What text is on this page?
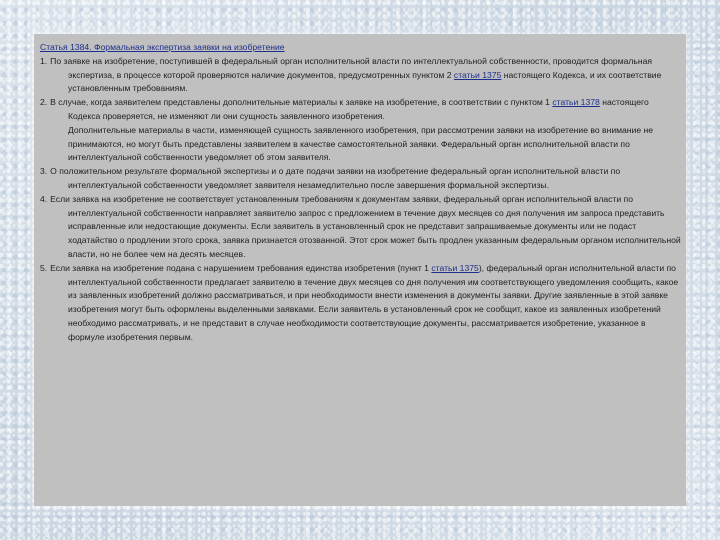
Статья 1384. Формальная экспертиза заявки на изобретение

1. По заявке на изобретение, поступившей в федеральный орган исполнительной власти по интеллектуальной собственности, проводится формальная экспертиза, в процессе которой проверяются наличие документов, предусмотренных пунктом 2 статьи 1375 настоящего Кодекса, и их соответствие установленным требованиям.

2. В случае, когда заявителем представлены дополнительные материалы к заявке на изобретение, в соответствии с пунктом 1 статьи 1378 настоящего Кодекса проверяется, не изменяют ли они сущность заявленного изобретения.

Дополнительные материалы в части, изменяющей сущность заявленного изобретения, при рассмотрении заявки на изобретение во внимание не принимаются, но могут быть представлены заявителем в качестве самостоятельной заявки. Федеральный орган исполнительной власти по интеллектуальной собственности уведомляет об этом заявителя.

3. О положительном результате формальной экспертизы и о дате подачи заявки на изобретение федеральный орган исполнительной власти по интеллектуальной собственности уведомляет заявителя незамедлительно после завершения формальной экспертизы.

4. Если заявка на изобретение не соответствует установленным требованиям к документам заявки, федеральный орган исполнительной власти по интеллектуальной собственности направляет заявителю запрос с предложением в течение двух месяцев со дня получения им запроса представить исправленные или недостающие документы. Если заявитель в установленный срок не представит запрашиваемые документы или не подаст ходатайство о продлении этого срока, заявка признается отозванной. Этот срок может быть продлен указанным федеральным органом исполнительной власти, но не более чем на десять месяцев.

5. Если заявка на изобретение подана с нарушением требования единства изобретения (пункт 1 статьи 1375), федеральный орган исполнительной власти по интеллектуальной собственности предлагает заявителю в течение двух месяцев со дня получения им соответствующего уведомления сообщить, какое из заявленных изобретений должно рассматриваться, и при необходимости внести изменения в документы заявки. Другие заявленные в этой заявке изобретения могут быть оформлены выделенными заявками. Если заявитель в установленный срок не сообщит, какое из заявленных изобретений необходимо рассматривать, и не представит в случае необходимости соответствующие документы, рассматривается изобретение, указанное в формуле изобретения первым.
